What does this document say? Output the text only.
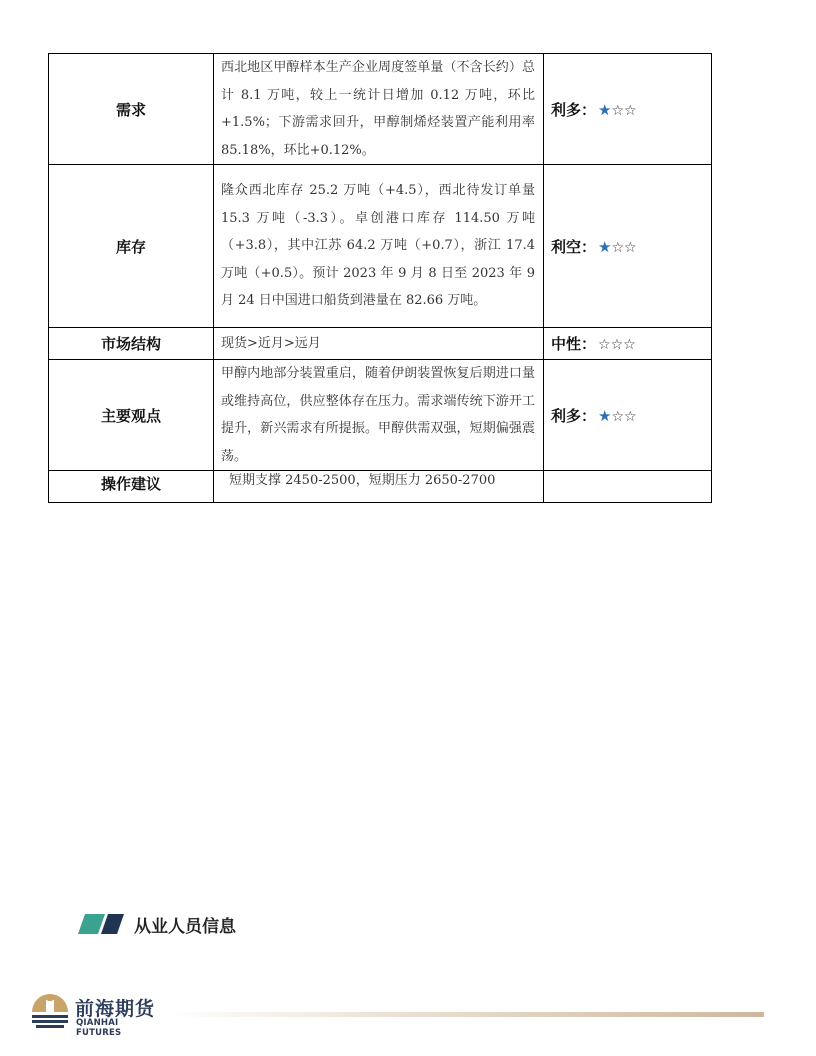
需求	西北地区甲醇样本生产企业周度签单量（不含长约）总计 8.1 万吨，较上一统计日增加 0.12 万吨，环比+1.5%；下游需求回升，甲醇制烯烃装置产能利用率 85.18%，环比+0.12%。	利多： ★☆☆
库存	隆众西北库存 25.2 万吨（+4.5），西北待发订单量 15.3 万吨（-3.3）。卓创港口库存 114.50 万吨（+3.8），其中江苏 64.2 万吨（+0.7），浙江 17.4 万吨（+0.5）。预计 2023 年 9 月 8 日至 2023 年 9 月 24 日中国进口船货到港量在 82.66 万吨。	利空： ★☆☆
市场结构	现货>近月>远月	中性： ☆☆☆
主要观点	甲醇内地部分装置重启，随着伊朗装置恢复后期进口量或维持高位，供应整体存在压力。需求端传统下游开工提升，新兴需求有所提振。甲醇供需双强，短期偏强震荡。	利多： ★☆☆
操作建议	短期支撑 2450-2500，短期压力 2650-2700	
从业人员信息
前海期货
QIANHAI FUTURES
